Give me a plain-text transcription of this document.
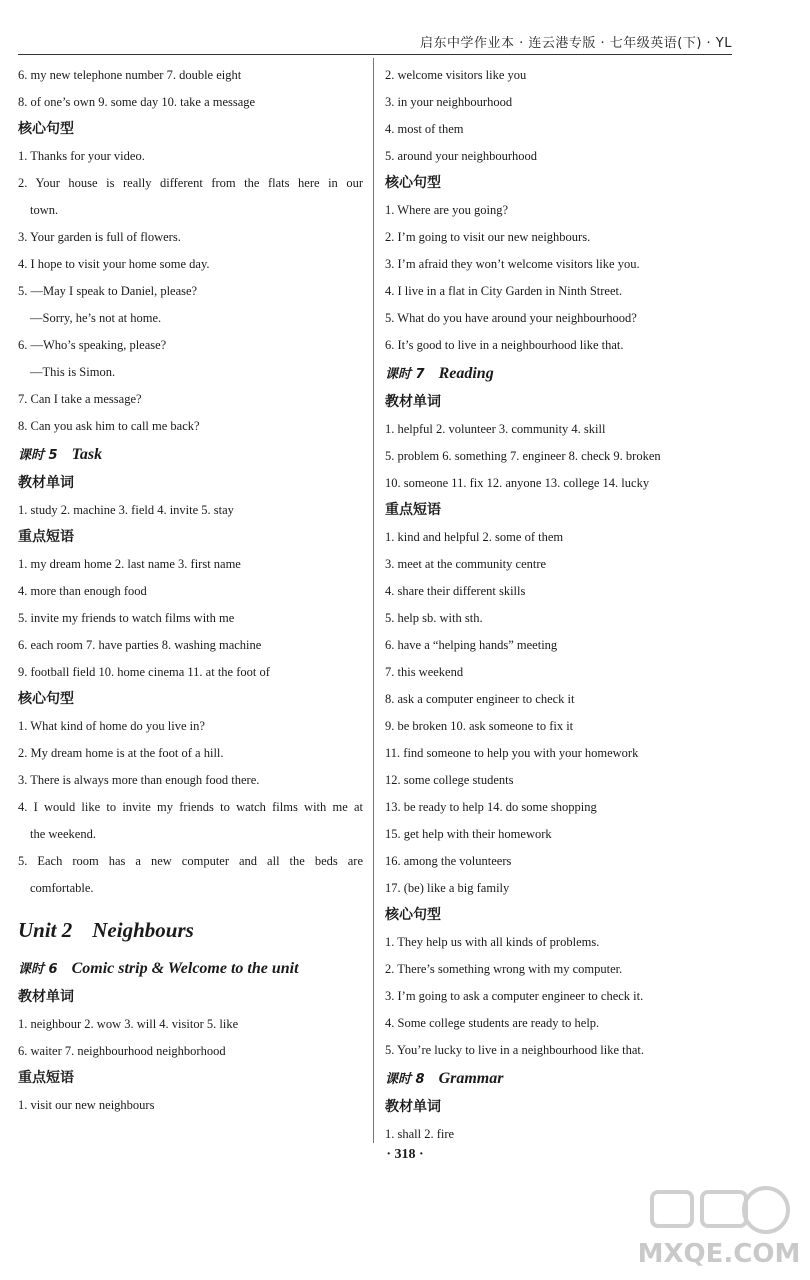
启东中学作业本 · 连云港专版 · 七年级英语(下) · YL
6. my new telephone number 7. double eight
8. of one’s own 9. some day 10. take a message
核心句型
1. Thanks for your video.
2. Your house is really different from the flats here in our
town.
3. Your garden is full of flowers.
4. I hope to visit your home some day.
5. —May I speak to Daniel, please?
—Sorry, he’s not at home.
6. —Who’s speaking, please?
—This is Simon.
7. Can I take a message?
8. Can you ask him to call me back?
课时 5 Task
教材单词
1. study 2. machine 3. field 4. invite 5. stay
重点短语
1. my dream home 2. last name 3. first name
4. more than enough food
5. invite my friends to watch films with me
6. each room 7. have parties 8. washing machine
9. football field 10. home cinema 11. at the foot of
核心句型
1. What kind of home do you live in?
2. My dream home is at the foot of a hill.
3. There is always more than enough food there.
4. I would like to invite my friends to watch films with me at
the weekend.
5. Each room has a new computer and all the beds are
comfortable.
Unit 2 Neighbours
课时 6 Comic strip & Welcome to the unit
教材单词
1. neighbour 2. wow 3. will 4. visitor 5. like
6. waiter 7. neighbourhood neighborhood
重点短语
1. visit our new neighbours
2. welcome visitors like you
3. in your neighbourhood
4. most of them
5. around your neighbourhood
核心句型
1. Where are you going?
2. I’m going to visit our new neighbours.
3. I’m afraid they won’t welcome visitors like you.
4. I live in a flat in City Garden in Ninth Street.
5. What do you have around your neighbourhood?
6. It’s good to live in a neighbourhood like that.
课时 7 Reading
教材单词
1. helpful 2. volunteer 3. community 4. skill
5. problem 6. something 7. engineer 8. check 9. broken
10. someone 11. fix 12. anyone 13. college 14. lucky
重点短语
1. kind and helpful 2. some of them
3. meet at the community centre
4. share their different skills
5. help sb. with sth.
6. have a “helping hands” meeting
7. this weekend
8. ask a computer engineer to check it
9. be broken 10. ask someone to fix it
11. find someone to help you with your homework
12. some college students
13. be ready to help 14. do some shopping
15. get help with their homework
16. among the volunteers
17. (be) like a big family
核心句型
1. They help us with all kinds of problems.
2. There’s something wrong with my computer.
3. I’m going to ask a computer engineer to check it.
4. Some college students are ready to help.
5. You’re lucky to live in a neighbourhood like that.
课时 8 Grammar
教材单词
1. shall 2. fire
· 318 ·
MXQE.COM
